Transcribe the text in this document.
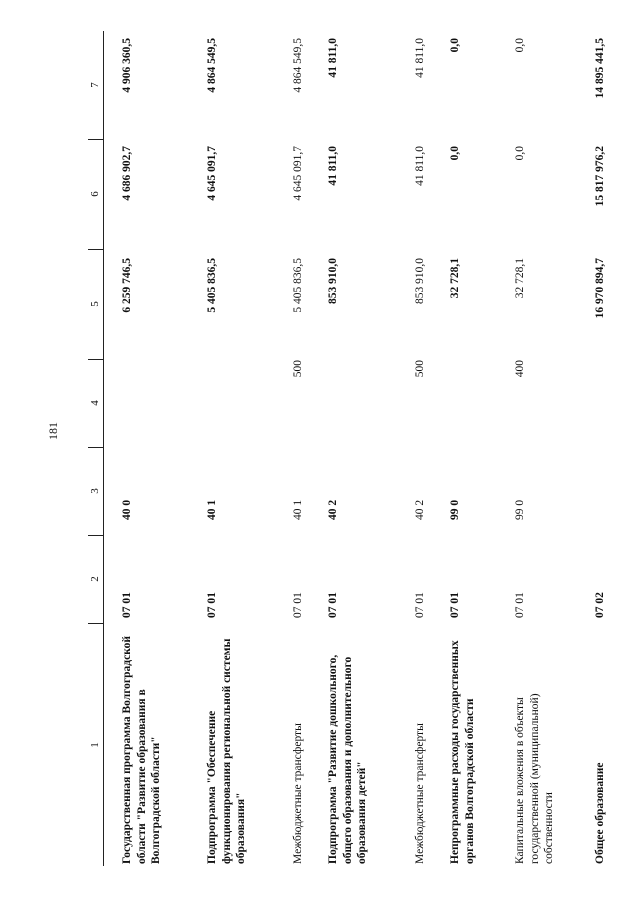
181
1
2
3
4
5
6
7
Государственная программа Волгоградской области "Развитие образования в Волгоградской области"
07 01
40 0
6 259 746,5
4 686 902,7
4 906 360,5
Подпрограмма "Обеспечение функционирования региональной системы образования"
07 01
40 1
5 405 836,5
4 645 091,7
4 864 549,5
Межбюджетные трансферты
07 01
40 1
500
5 405 836,5
4 645 091,7
4 864 549,5
Подпрограмма "Развитие дошкольного, общего образования и дополнительного образования детей"
07 01
40 2
853 910,0
41 811,0
41 811,0
Межбюджетные трансферты
07 01
40 2
500
853 910,0
41 811,0
41 811,0
Непрограммные расходы государственных органов Волгоградской области
07 01
99 0
32 728,1
0,0
0,0
Капитальные вложения в объекты государственной (муниципальной) собственности
07 01
99 0
400
32 728,1
0,0
0,0
Общее образование
07 02
16 970 894,7
15 817 976,2
14 895 441,5
